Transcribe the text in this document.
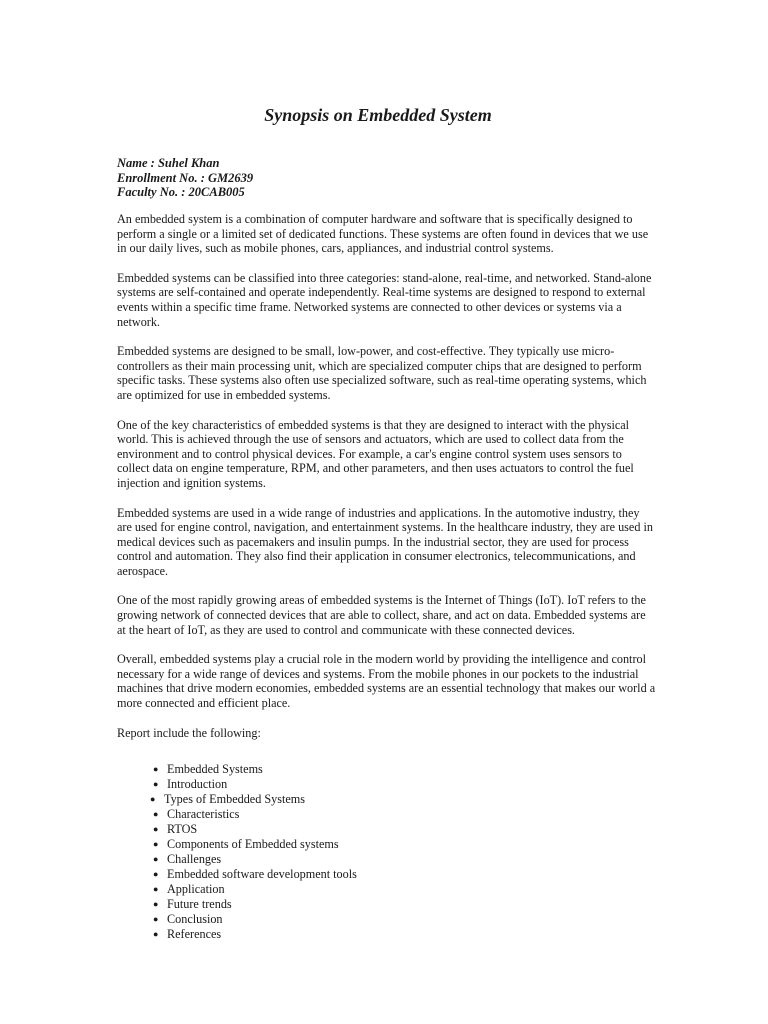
Synopsis on Embedded System
Name : Suhel Khan
Enrollment No. : GM2639
Faculty No. : 20CAB005

An embedded system is a combination of computer hardware and software that is specifically designed to perform a single or a limited set of dedicated functions. These systems are often found in devices that we use in our daily lives, such as mobile phones, cars, appliances, and industrial control systems.

Embedded systems can be classified into three categories: stand-alone, real-time, and networked. Stand-alone systems are self-contained and operate independently. Real-time systems are designed to respond to external events within a specific time frame. Networked systems are connected to other devices or systems via a network.

Embedded systems are designed to be small, low-power, and cost-effective. They typically use micro-controllers as their main processing unit, which are specialized computer chips that are designed to perform specific tasks. These systems also often use specialized software, such as real-time operating systems, which are optimized for use in embedded systems.

One of the key characteristics of embedded systems is that they are designed to interact with the physical world. This is achieved through the use of sensors and actuators, which are used to collect data from the environment and to control physical devices. For example, a car's engine control system uses sensors to collect data on engine temperature, RPM, and other parameters, and then uses actuators to control the fuel injection and ignition systems.

Embedded systems are used in a wide range of industries and applications. In the automotive industry, they are used for engine control, navigation, and entertainment systems. In the healthcare industry, they are used in medical devices such as pacemakers and insulin pumps. In the industrial sector, they are used for process control and automation. They also find their application in consumer electronics, telecommunications, and aerospace.

One of the most rapidly growing areas of embedded systems is the Internet of Things (IoT). IoT refers to the growing network of connected devices that are able to collect, share, and act on data. Embedded systems are at the heart of IoT, as they are used to control and communicate with these connected devices.

Overall, embedded systems play a crucial role in the modern world by providing the intelligence and control necessary for a wide range of devices and systems. From the mobile phones in our pockets to the industrial machines that drive modern economies, embedded systems are an essential technology that makes our world a more connected and efficient place.

Report include the following:

● Embedded Systems
● Introduction
● Types of Embedded Systems
● Characteristics
● RTOS
● Components of Embedded systems
● Challenges
● Embedded software development tools
● Application
● Future trends
● Conclusion
● References
